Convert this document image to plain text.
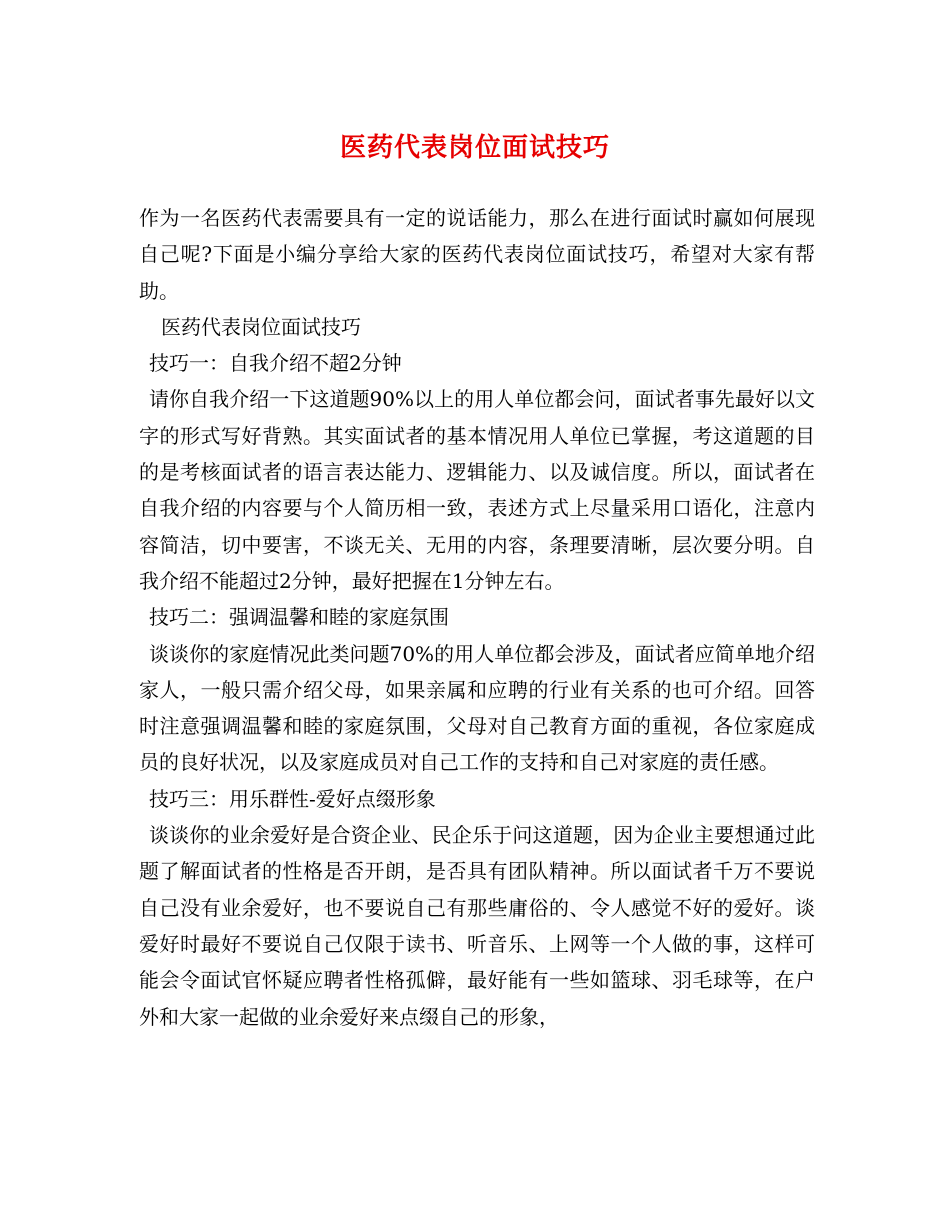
医药代表岗位面试技巧

作为一名医药代表需要具有一定的说话能力，那么在进行面试时赢如何展现自己呢?下面是小编分享给大家的医药代表岗位面试技巧，希望对大家有帮助。

医药代表岗位面试技巧

技巧一：自我介绍不超2分钟

请你自我介绍一下这道题90%以上的用人单位都会问，面试者事先最好以文字的形式写好背熟。其实面试者的基本情况用人单位已掌握，考这道题的目的是考核面试者的语言表达能力、逻辑能力、以及诚信度。所以，面试者在自我介绍的内容要与个人简历相一致，表述方式上尽量采用口语化，注意内容简洁，切中要害，不谈无关、无用的内容，条理要清晰，层次要分明。自我介绍不能超过2分钟，最好把握在1分钟左右。

技巧二：强调温馨和睦的家庭氛围

谈谈你的家庭情况此类问题70%的用人单位都会涉及，面试者应简单地介绍家人，一般只需介绍父母，如果亲属和应聘的行业有关系的也可介绍。回答时注意强调温馨和睦的家庭氛围，父母对自己教育方面的重视，各位家庭成员的良好状况，以及家庭成员对自己工作的支持和自己对家庭的责任感。

技巧三：用乐群性-爱好点缀形象

谈谈你的业余爱好是合资企业、民企乐于问这道题，因为企业主要想通过此题了解面试者的性格是否开朗，是否具有团队精神。所以面试者千万不要说自己没有业余爱好，也不要说自己有那些庸俗的、令人感觉不好的爱好。谈爱好时最好不要说自己仅限于读书、听音乐、上网等一个人做的事，这样可能会令面试官怀疑应聘者性格孤僻，最好能有一些如篮球、羽毛球等，在户外和大家一起做的业余爱好来点缀自己的形象，
